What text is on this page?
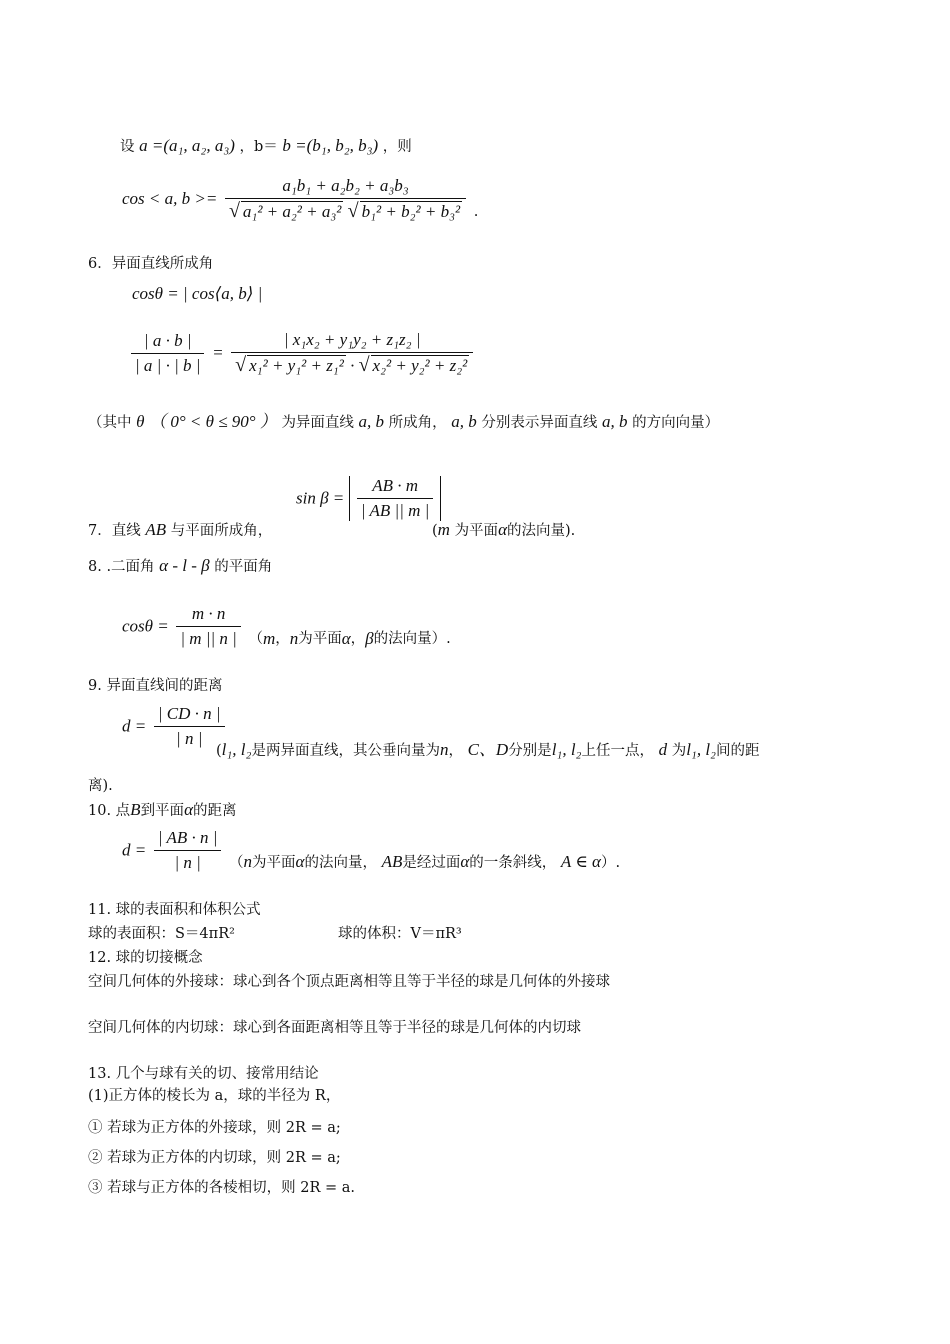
设 a =(a₁, a₂, a₃) ，b＝ b =(b₁, b₂, b₃) ，则
cos < a, $b >= \frac{\text{a₁b₁ + a₂b₂ + a₃b₃}}{\text{√ a₁² + a₂² + a₃² √ b₁² + b₂² + b₃²}}$ .
6．异面直线所成角
cosθ = | cos⟨a, b⟩ |
$\frac{| a \cdot b |}{| a | \cdot | b |} = \frac{\text{| x₁x₂ + y₁y₂ + z₁z₂ |}}{\text{√ x₁² + y₁² + z₁² · √ x₂² + y₂² + z₂²}}$
（其中 θ （ 0° < θ ≤ 90° ） 为异面直线 a, b 所成角， a, b 分别表示异面直线 a, b 的方向向量）
$\sin \beta = \frac{AB \cdot m}{| AB || m |}$
7．直线 AB 与平面所成角，	(m 为平面α的法向量).
8. .二面角 α - l - β 的平面角
$\cos\theta = \frac{m \cdot n}{| m || n |} (m$，n为平面α，β的法向量）.
9. 异面直线间的距离
$d = \frac{| CD \cdot n |}{| n |}$
(l₁, l₂是两异面直线，其公垂向量为n， C、D分别是l₁, l₂上任一点， d 为l₁, l₂间的距
离).
10. 点B到平面α的距离
$d = \frac{| AB \cdot n |}{| n |} (n$为平面α的法向量， AB是经过面α的一条斜线， A ∈ α）.
11. 球的表面积和体积公式
球的表面积：S＝4πR²	球的体积：V＝πR³
12. 球的切接概念
空间几何体的外接球：球心到各个顶点距离相等且等于半径的球是几何体的外接球
空间几何体的内切球：球心到各面距离相等且等于半径的球是几何体的内切球
13. 几个与球有关的切、接常用结论
(1)正方体的棱长为 a，球的半径为 R，
① 若球为正方体的外接球，则 2R = a;
② 若球为正方体的内切球，则 2R = a;
③ 若球与正方体的各棱相切，则 2R = a.
